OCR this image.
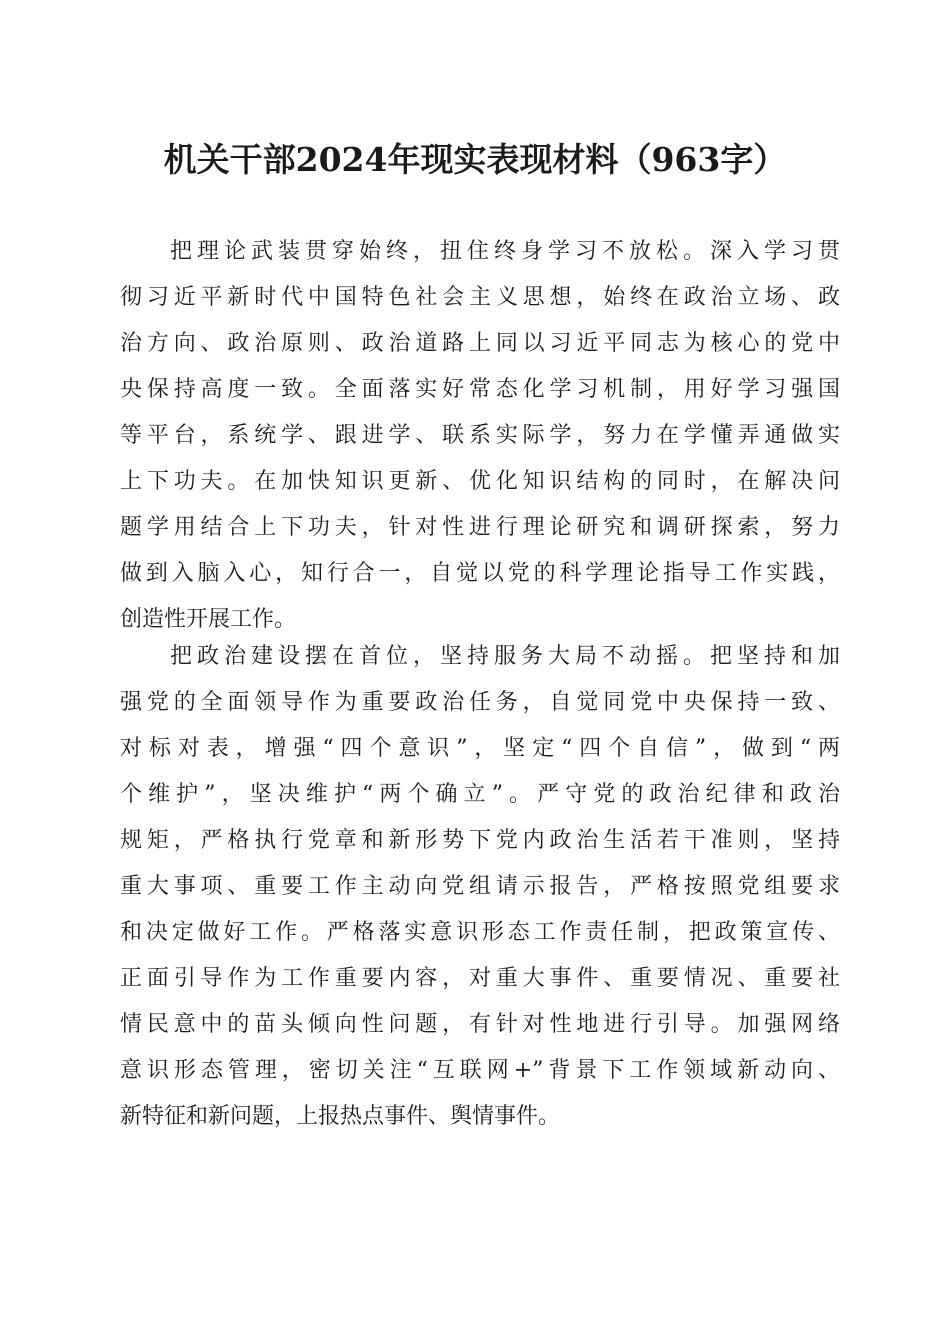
机关干部2024年现实表现材料（963字）

把理论武装贯穿始终，扭住终身学习不放松。深入学习贯

彻习近平新时代中国特色社会主义思想，始终在政治立场、政

治方向、政治原则、政治道路上同以习近平同志为核心的党中

央保持高度一致。全面落实好常态化学习机制，用好学习强国

等平台，系统学、跟进学、联系实际学，努力在学懂弄通做实

上下功夫。在加快知识更新、优化知识结构的同时，在解决问

题学用结合上下功夫，针对性进行理论研究和调研探索，努力

做到入脑入心，知行合一，自觉以党的科学理论指导工作实践，

创造性开展工作。

把政治建设摆在首位，坚持服务大局不动摇。把坚持和加

强党的全面领导作为重要政治任务，自觉同党中央保持一致、

对标对表，增强“四个意识”，坚定“四个自信”，做到“两

个维护”，坚决维护“两个确立”。严守党的政治纪律和政治

规矩，严格执行党章和新形势下党内政治生活若干准则，坚持

重大事项、重要工作主动向党组请示报告，严格按照党组要求

和决定做好工作。严格落实意识形态工作责任制，把政策宣传、

正面引导作为工作重要内容，对重大事件、重要情况、重要社

情民意中的苗头倾向性问题，有针对性地进行引导。加强网络

意识形态管理，密切关注“互联网+”背景下工作领域新动向、

新特征和新问题，上报热点事件、舆情事件。
